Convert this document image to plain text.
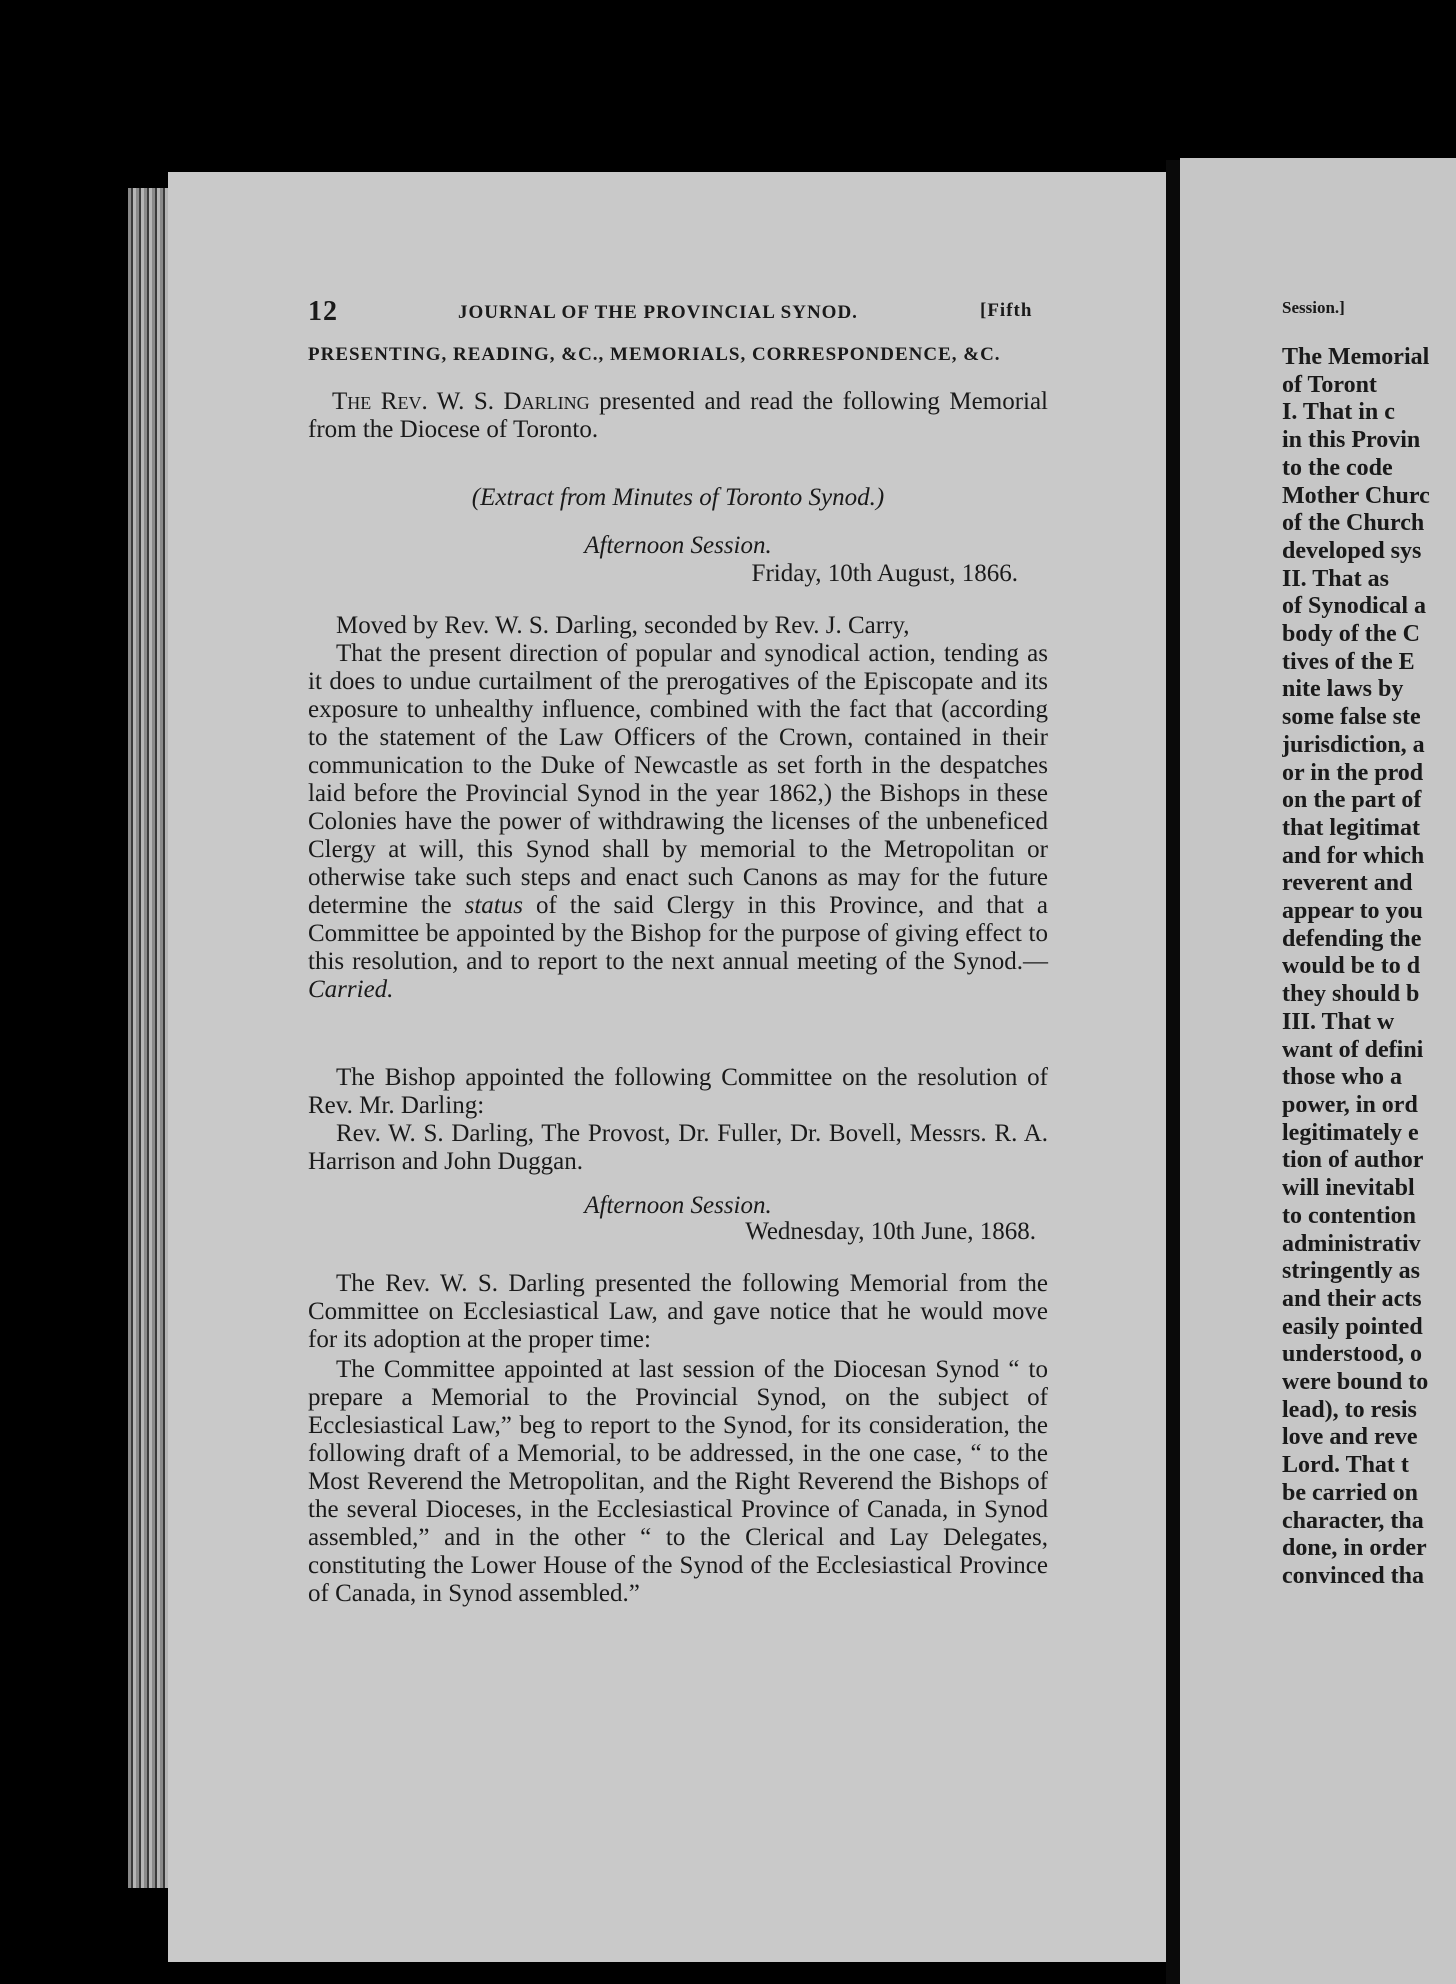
12	JOURNAL OF THE PROVINCIAL SYNOD.	[Fifth
PRESENTING, READING, &C., MEMORIALS, CORRESPONDENCE, &C.
The Rev. W. S. Darling presented and read the following Memorial from the Diocese of Toronto.
(Extract from Minutes of Toronto Synod.)
Afternoon Session.
Friday, 10th August, 1866.
Moved by Rev. W. S. Darling, seconded by Rev. J. Carry,
That the present direction of popular and synodical action, tending as it does to undue curtailment of the prerogatives of the Episcopate and its exposure to unhealthy influence, combined with the fact that (according to the statement of the Law Officers of the Crown, contained in their communication to the Duke of Newcastle as set forth in the despatches laid before the Provincial Synod in the year 1862,) the Bishops in these Colonies have the power of withdrawing the licenses of the unbeneficed Clergy at will, this Synod shall by memorial to the Metropolitan or otherwise take such steps and enact such Canons as may for the future determine the status of the said Clergy in this Province, and that a Committee be appointed by the Bishop for the purpose of giving effect to this resolution, and to report to the next annual meeting of the Synod.—Carried.
The Bishop appointed the following Committee on the resolution of Rev. Mr. Darling:
Rev. W. S. Darling, The Provost, Dr. Fuller, Dr. Bovell, Messrs. R. A. Harrison and John Duggan.
Afternoon Session.
Wednesday, 10th June, 1868.
The Rev. W. S. Darling presented the following Memorial from the Committee on Ecclesiastical Law, and gave notice that he would move for its adoption at the proper time:
The Committee appointed at last session of the Diocesan Synod “ to prepare a Memorial to the Provincial Synod, on the subject of Ecclesiastical Law,” beg to report to the Synod, for its consideration, the following draft of a Memorial, to be addressed, in the one case, “ to the Most Reverend the Metropolitan, and the Right Reverend the Bishops of the several Dioceses, in the Ecclesiastical Province of Canada, in Synod assembled,” and in the other “ to the Clerical and Lay Delegates, constituting the Lower House of the Synod of the Ecclesiastical Province of Canada, in Synod assembled.”
Session.]
The Memorial
of Toront
I. That in c
in this Provin
to the code
Mother Churc
of the Church
developed sys
II. That as
of Synodical a
body of the C
tives of the E
nite laws by
some false ste
jurisdiction, a
or in the prod
on the part of
that legitimat
and for which
reverent and
appear to you
defending the
would be to d
they should b
III. That w
want of defini
those who a
power, in ord
legitimately e
tion of author
will inevitabl
to contention
administrativ
stringently as
and their acts
easily pointed
understood, o
were bound to
lead), to resis
love and reve
Lord. That t
be carried on
character, tha
done, in order
convinced tha
